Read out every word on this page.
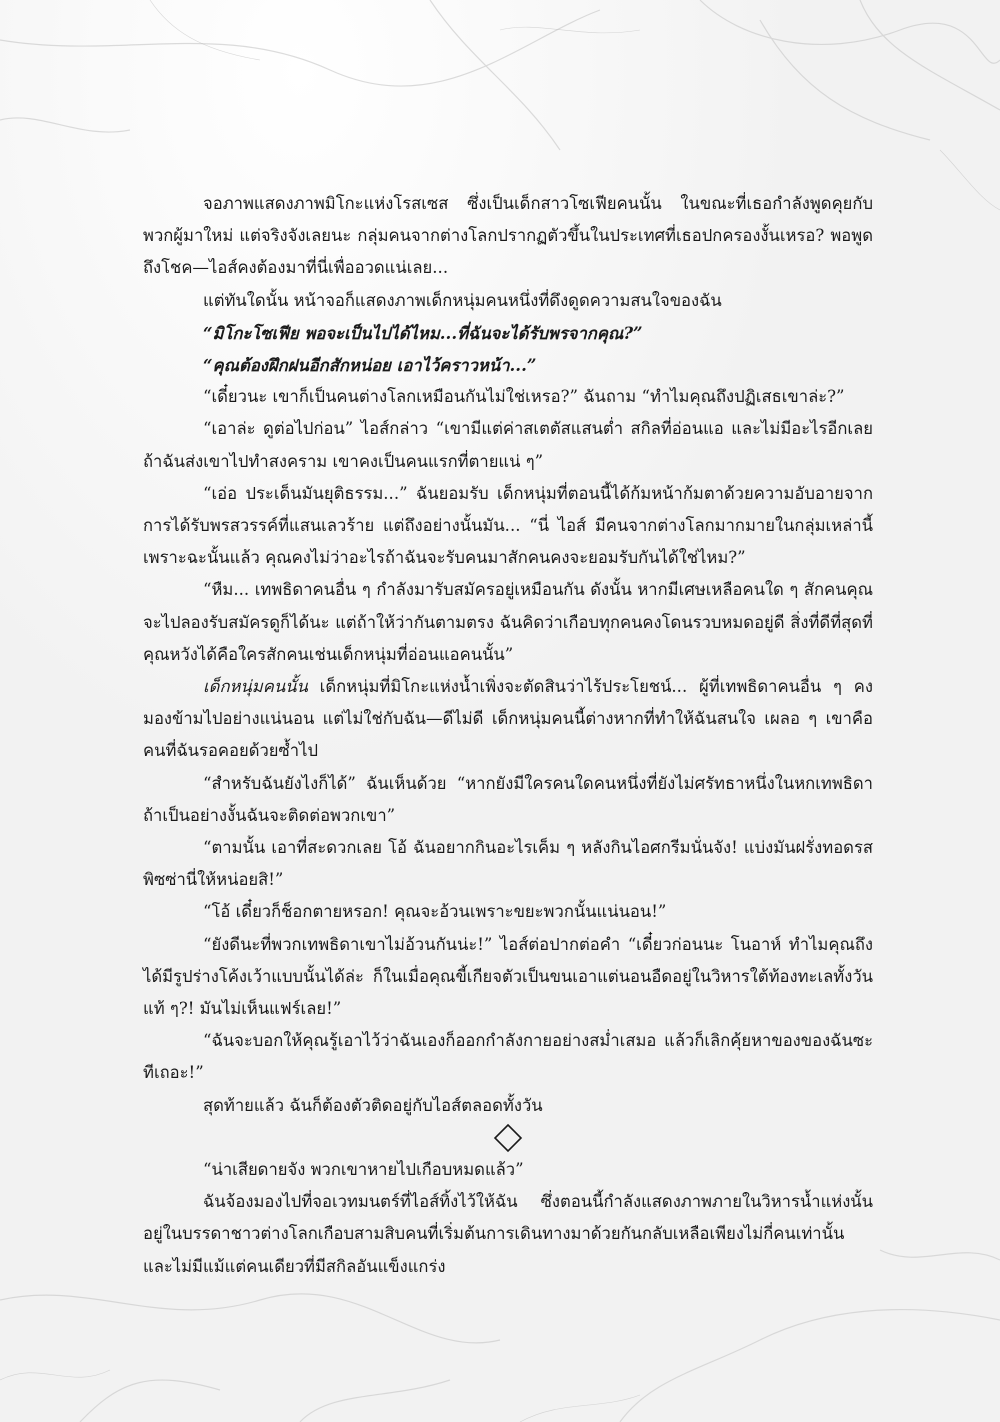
จอภาพแสดงภาพมิโกะแห่งโรสเซส ซึ่งเป็นเด็กสาวโซเฟียคนนั้น ในขณะที่เธอกำลังพูดคุยกับพวกผู้มาใหม่ แต่จริงจังเลยนะ กลุ่มคนจากต่างโลกปรากฏตัวขึ้นในประเทศที่เธอปกครองงั้นเหรอ? พอพูดถึงโชค—ไอส์คงต้องมาที่นี่เพื่ออวดแน่เลย...

แต่ทันใดนั้น หน้าจอก็แสดงภาพเด็กหนุ่มคนหนึ่งที่ดึงดูดความสนใจของฉัน

“มิโกะโซเฟีย พอจะเป็นไปได้ไหม...ที่ฉันจะได้รับพรจากคุณ?”

“คุณต้องฝึกฝนอีกสักหน่อย เอาไว้คราวหน้า...”

“เดี๋ยวนะ เขาก็เป็นคนต่างโลกเหมือนกันไม่ใช่เหรอ?” ฉันถาม “ทำไมคุณถึงปฏิเสธเขาล่ะ?”

“เอาล่ะ ดูต่อไปก่อน” ไอส์กล่าว “เขามีแต่ค่าสเตตัสแสนต่ำ สกิลที่อ่อนแอ และไม่มีอะไรอีกเลย ถ้าฉันส่งเขาไปทำสงคราม เขาคงเป็นคนแรกที่ตายแน่ ๆ”

“เอ่อ ประเด็นมันยุติธรรม...” ฉันยอมรับ เด็กหนุ่มที่ตอนนี้ได้ก้มหน้าก้มตาด้วยความอับอายจากการได้รับพรสวรรค์ที่แสนเลวร้าย แต่ถึงอย่างนั้นมัน... “นี่ ไอส์ มีคนจากต่างโลกมากมายในกลุ่มเหล่านี้ เพราะฉะนั้นแล้ว คุณคงไม่ว่าอะไรถ้าฉันจะรับคนมาสักคนคงจะยอมรับกันได้ใช่ไหม?”

“หืม... เทพธิดาคนอื่น ๆ กำลังมารับสมัครอยู่เหมือนกัน ดังนั้น หากมีเศษเหลือคนใด ๆ สักคนคุณจะไปลองรับสมัครดูก็ได้นะ แต่ถ้าให้ว่ากันตามตรง ฉันคิดว่าเกือบทุกคนคงโดนรวบหมดอยู่ดี สิ่งที่ดีที่สุดที่คุณหวังได้คือใครสักคนเช่นเด็กหนุ่มที่อ่อนแอคนนั้น”

เด็กหนุ่มคนนั้น เด็กหนุ่มที่มิโกะแห่งน้ำเพิ่งจะตัดสินว่าไร้ประโยชน์... ผู้ที่เทพธิดาคนอื่น ๆ คงมองข้ามไปอย่างแน่นอน แต่ไม่ใช่กับฉัน—ดีไม่ดี เด็กหนุ่มคนนี้ต่างหากที่ทำให้ฉันสนใจ เผลอ ๆ เขาคือคนที่ฉันรอคอยด้วยซ้ำไป

“สำหรับฉันยังไงก็ได้” ฉันเห็นด้วย “หากยังมีใครคนใดคนหนึ่งที่ยังไม่ศรัทธาหนึ่งในหกเทพธิดา ถ้าเป็นอย่างงั้นฉันจะติดต่อพวกเขา”

“ตามนั้น เอาที่สะดวกเลย โอ้ ฉันอยากกินอะไรเค็ม ๆ หลังกินไอศกรีมนั่นจัง! แบ่งมันฝรั่งทอดรสพิซซ่านี่ให้หน่อยสิ!”

“โอ้ เดี๋ยวก็ช็อกตายหรอก! คุณจะอ้วนเพราะขยะพวกนั้นแน่นอน!”

“ยังดีนะที่พวกเทพธิดาเขาไม่อ้วนกันน่ะ!” ไอส์ต่อปากต่อคำ “เดี๋ยวก่อนนะ โนอาห์ ทำไมคุณถึงได้มีรูปร่างโค้งเว้าแบบนั้นได้ล่ะ ก็ในเมื่อคุณขี้เกียจตัวเป็นขนเอาแต่นอนอืดอยู่ในวิหารใต้ท้องทะเลทั้งวันแท้ ๆ?! มันไม่เห็นแฟร์เลย!”

“ฉันจะบอกให้คุณรู้เอาไว้ว่าฉันเองก็ออกกำลังกายอย่างสม่ำเสมอ แล้วก็เลิกคุ้ยหาของของฉันซะทีเถอะ!”

สุดท้ายแล้ว ฉันก็ต้องตัวติดอยู่กับไอส์ตลอดทั้งวัน

“น่าเสียดายจัง พวกเขาหายไปเกือบหมดแล้ว”

ฉันจ้องมองไปที่จอเวทมนตร์ที่ไอส์ทิ้งไว้ให้ฉัน ซึ่งตอนนี้กำลังแสดงภาพภายในวิหารน้ำแห่งนั้นอยู่ในบรรดาชาวต่างโลกเกือบสามสิบคนที่เริ่มต้นการเดินทางมาด้วยกันกลับเหลือเพียงไม่กี่คนเท่านั้น และไม่มีแม้แต่คนเดียวที่มีสกิลอันแข็งแกร่ง
